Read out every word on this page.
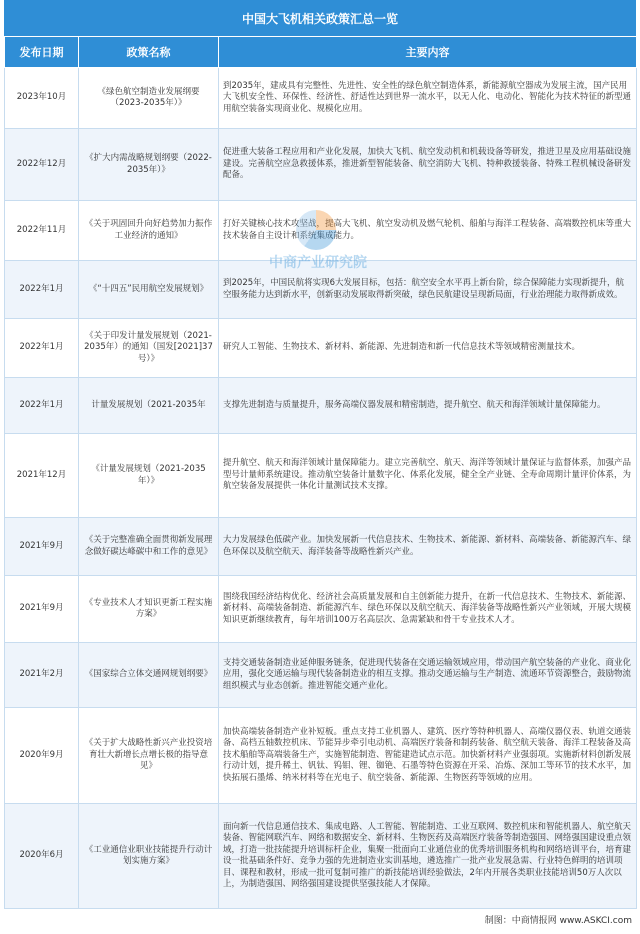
中国大飞机相关政策汇总一览
发布日期	政策名称	主要内容
2023年10月	《绿色航空制造业发展纲要（2023-2035年）》	到2035年，建成具有完整性、先进性、安全性的绿色航空制造体系，新能源航空器成为发展主流，国产民用大飞机安全性、环保性、经济性、舒适性达到世界一流水平，以无人化、电动化、智能化为技术特征的新型通用航空装备实现商业化、规模化应用。
2022年12月	《扩大内需战略规划纲要（2022-2035年）》	促进重大装备工程应用和产业化发展，加快大飞机、航空发动机和机载设备等研发，推进卫星及应用基础设施建设。完善航空应急救援体系，推进新型智能装备、航空消防大飞机、特种救援装备、特殊工程机械设备研发配备。
2022年11月	《关于巩固回升向好趋势加力振作工业经济的通知》	打好关键核心技术攻坚战，提高大飞机、航空发动机及燃气轮机、船舶与海洋工程装备、高端数控机床等重大技术装备自主设计和系统集成能力。
2022年1月	《“十四五”民用航空发展规划》	到2025年，中国民航将实现6大发展目标，包括：航空安全水平再上新台阶，综合保障能力实现新提升，航空服务能力达到新水平，创新驱动发展取得新突破，绿色民航建设呈现新局面，行业治理能力取得新成效。
2022年1月	《关于印发计量发展规划（2021-2035年）的通知（国发[2021]37号）》	研究人工智能、生物技术、新材料、新能源、先进制造和新一代信息技术等领域精密测量技术。
2022年1月	计量发展规划（2021-2035年	支撑先进制造与质量提升，服务高端仪器发展和精密制造，提升航空、航天和海洋领域计量保障能力。
2021年12月	《计量发展规划（2021-2035年）》	提升航空、航天和海洋领域计量保障能力。建立完善航空、航天、海洋等领域计量保证与监督体系，加强产品型号计量师系统建设。推动航空装备计量数字化、体系化发展，健全全产业链、全寿命周期计量评价体系，为航空装备发展提供一体化计量测试技术支撑。
2021年9月	《关于完整准确全面贯彻新发展理念做好碳达峰碳中和工作的意见》	大力发展绿色低碳产业。加快发展新一代信息技术、生物技术、新能源、新材料、高端装备、新能源汽车、绿色环保以及航空航天、海洋装备等战略性新兴产业。
2021年9月	《专业技术人才知识更新工程实施方案》	围绕我国经济结构优化、经济社会高质量发展和自主创新能力提升，在新一代信息技术、生物技术、新能源、新材料、高端装备制造、新能源汽车、绿色环保以及航空航天、海洋装备等战略性新兴产业领域，开展大规模知识更新继续教育，每年培训100万名高层次、急需紧缺和骨干专业技术人才。
2021年2月	《国家综合立体交通网规划纲要》	支持交通装备制造业延伸服务链条，促进现代装备在交通运输领域应用，带动国产航空装备的产业化、商业化应用，强化交通运输与现代装备制造业的相互支撑。推动交通运输与生产制造、流通环节资源整合，鼓励物流组织模式与业态创新。推进智能交通产业化。
2020年9月	《关于扩大战略性新兴产业投资培育壮大新增长点增长极的指导意见》	加快高端装备制造产业补短板。重点支持工业机器人、建筑、医疗等特种机器人、高端仪器仪表、轨道交通装备、高档五轴数控机床、节能异步牵引电动机、高端医疗装备和制药装备、航空航天装备、海洋工程装备及高技术船舶等高端装备生产，实施智能制造、智能建造试点示范。加快新材料产业强弱项。实施新材料创新发展行动计划，提升稀土、钒钛、钨钼、锂、铷铯、石墨等特色资源在开采、冶炼、深加工等环节的技术水平，加快拓展石墨烯、纳米材料等在光电子、航空装备、新能源、生物医药等领域的应用。
2020年6月	《工业通信业职业技能提升行动计划实施方案》	面向新一代信息通信技术、集成电路、人工智能、智能制造、工业互联网、数控机床和智能机器人、航空航天装备、智能网联汽车、网络和数据安全、新材料、生物医药及高端医疗装备等制造强国、网络强国建设重点领域，打造一批技能提升培训标杆企业，集聚一批面向工业通信业的优秀培训服务机构和网络培训平台，培育建设一批基础条件好、竞争力强的先进制造业实训基地，遴选推广一批产业发展急需、行业特色鲜明的培训项目、课程和教材，形成一批可复制可推广的新技能培训经验做法，2年内开展各类职业技能培训50万人次以上，为制造强国、网络强国建设提供坚强技能人才保障。
制图：中商情报网 www.ASKCI.com
中商产业研究院
